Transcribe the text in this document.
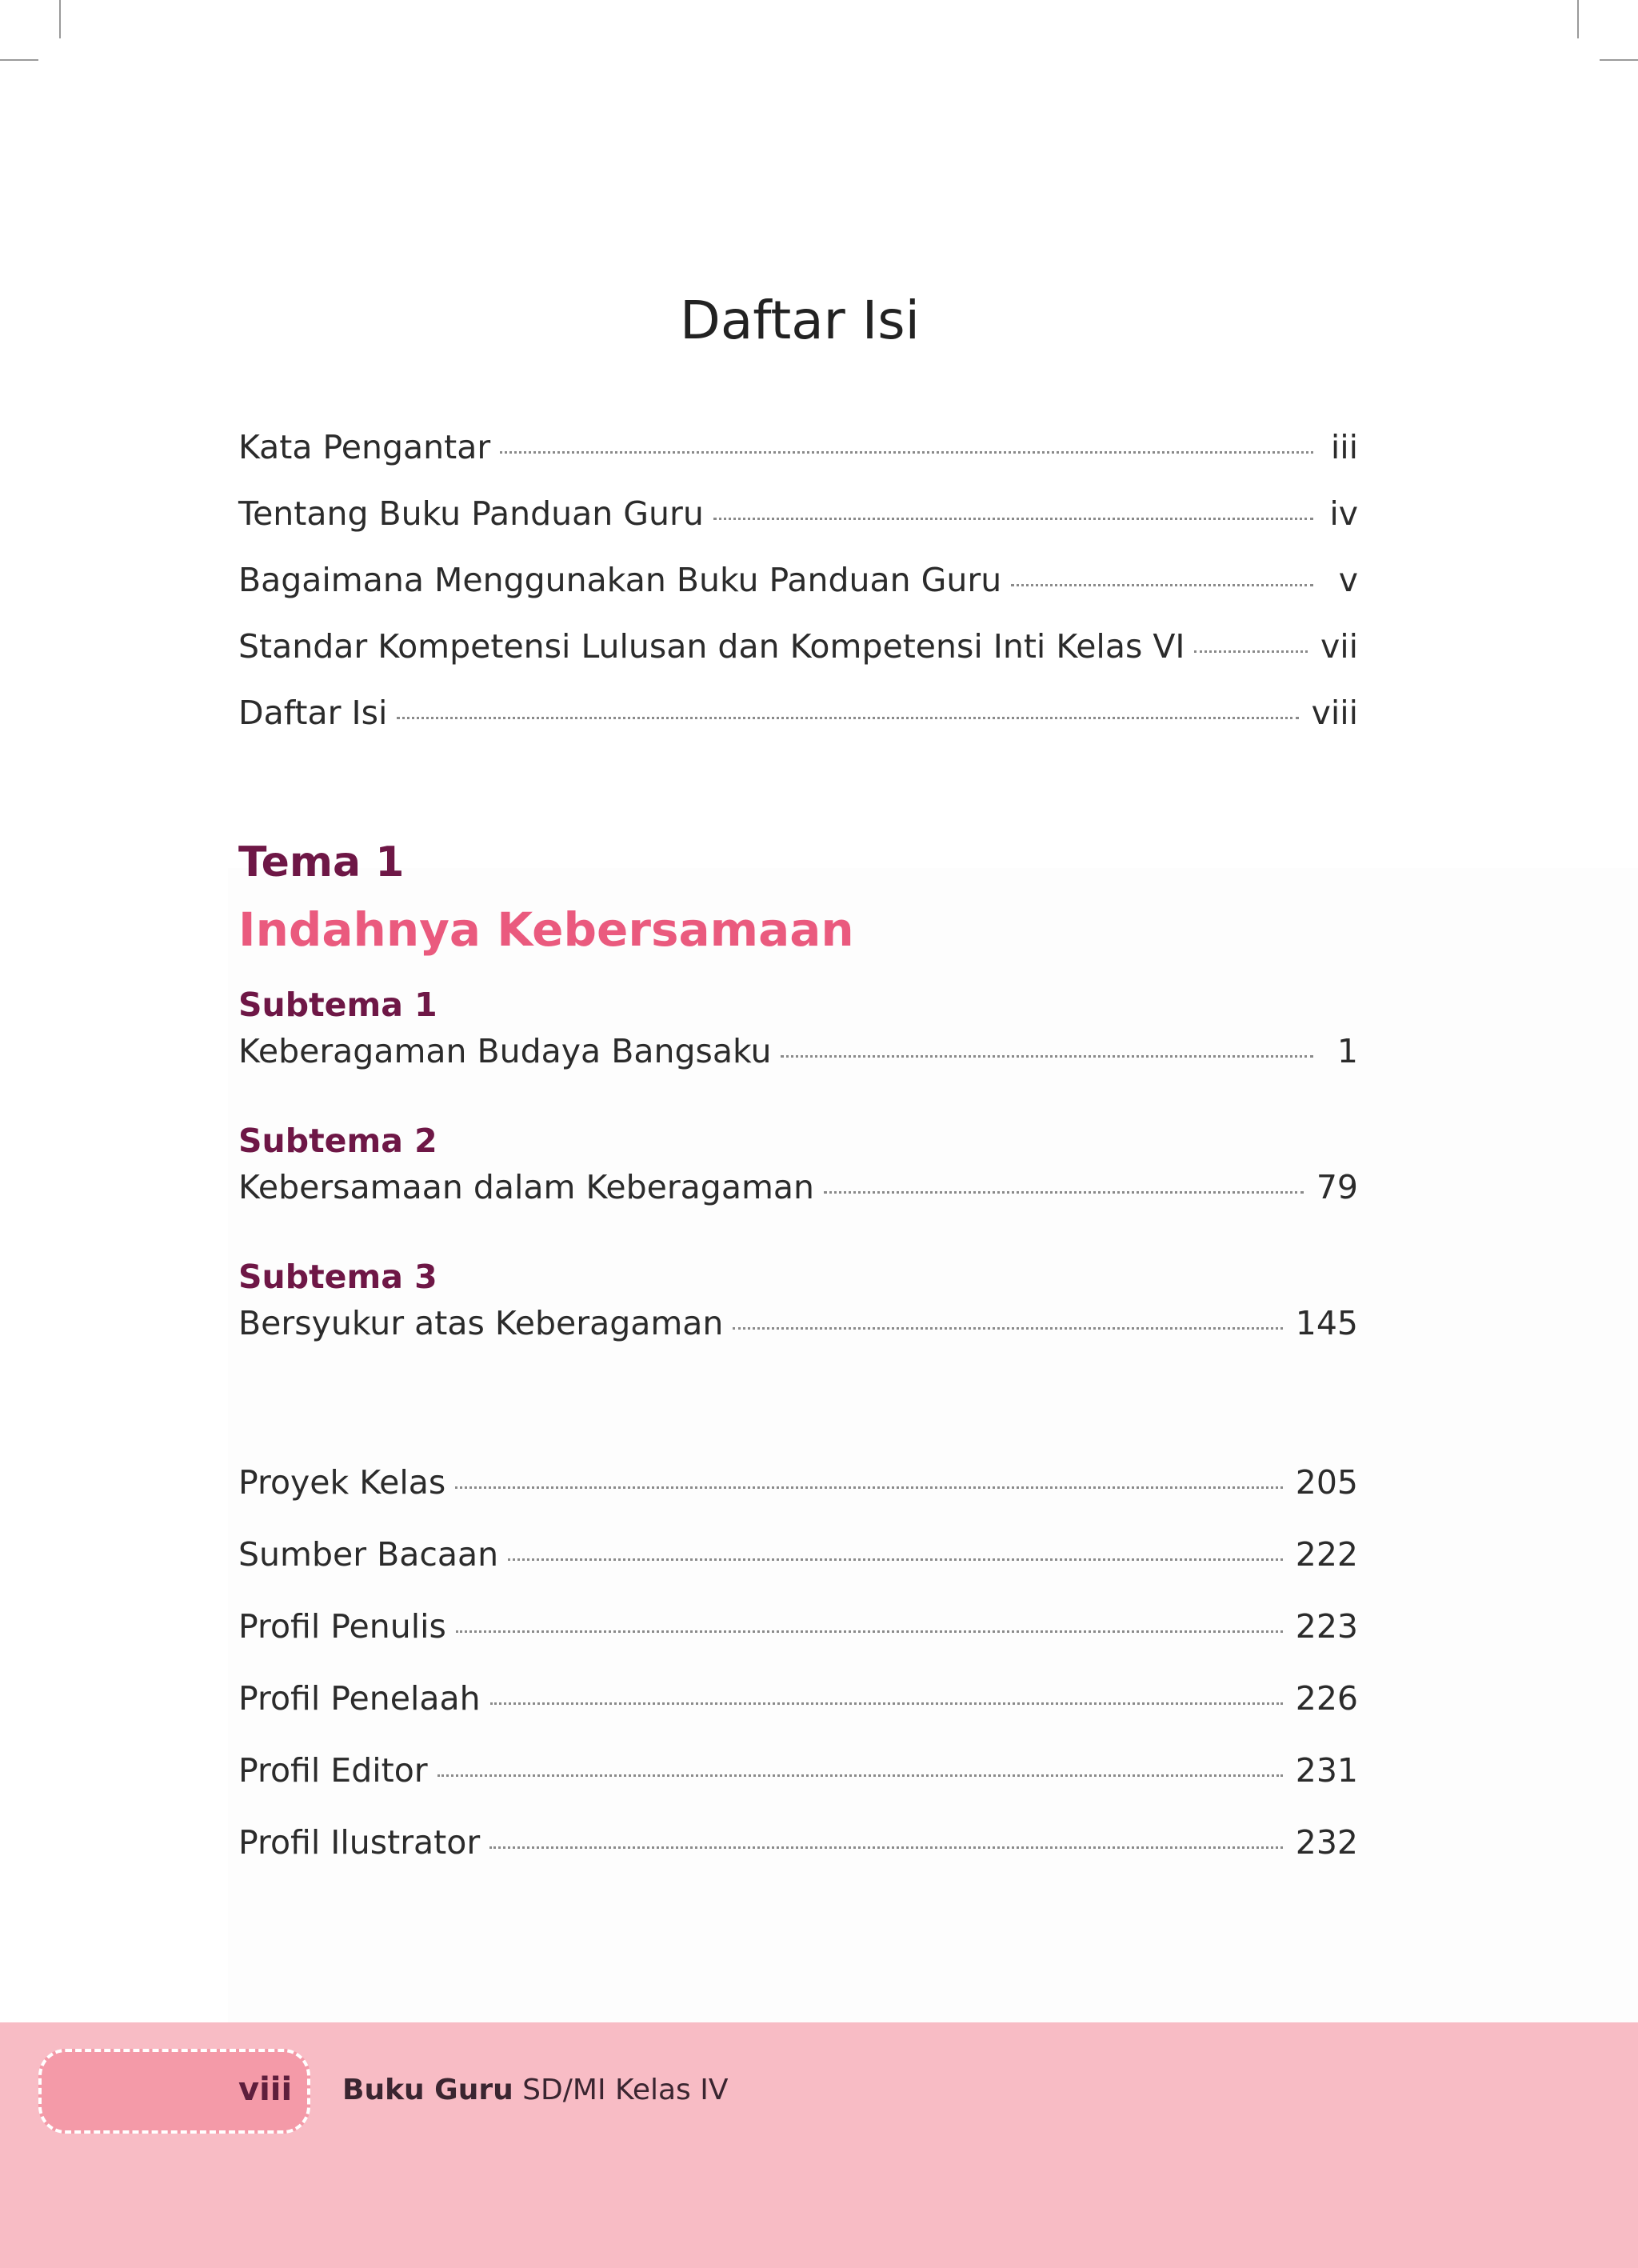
Daftar Isi
Kata Pengantar	iii
Tentang Buku Panduan Guru	iv
Bagaimana Menggunakan Buku Panduan Guru	v
Standar Kompetensi Lulusan dan Kompetensi Inti Kelas VI	vii
Daftar Isi	viii
Tema 1
Indahnya Kebersamaan
Subtema 1
Keberagaman Budaya Bangsaku	1
Subtema 2
Kebersamaan dalam Keberagaman	79
Subtema 3
Bersyukur atas Keberagaman	145
Proyek Kelas	205
Sumber Bacaan	222
Profil Penulis	223
Profil Penelaah	226
Profil Editor	231
Profil Ilustrator	232
viii Buku Guru SD/MI Kelas IV
